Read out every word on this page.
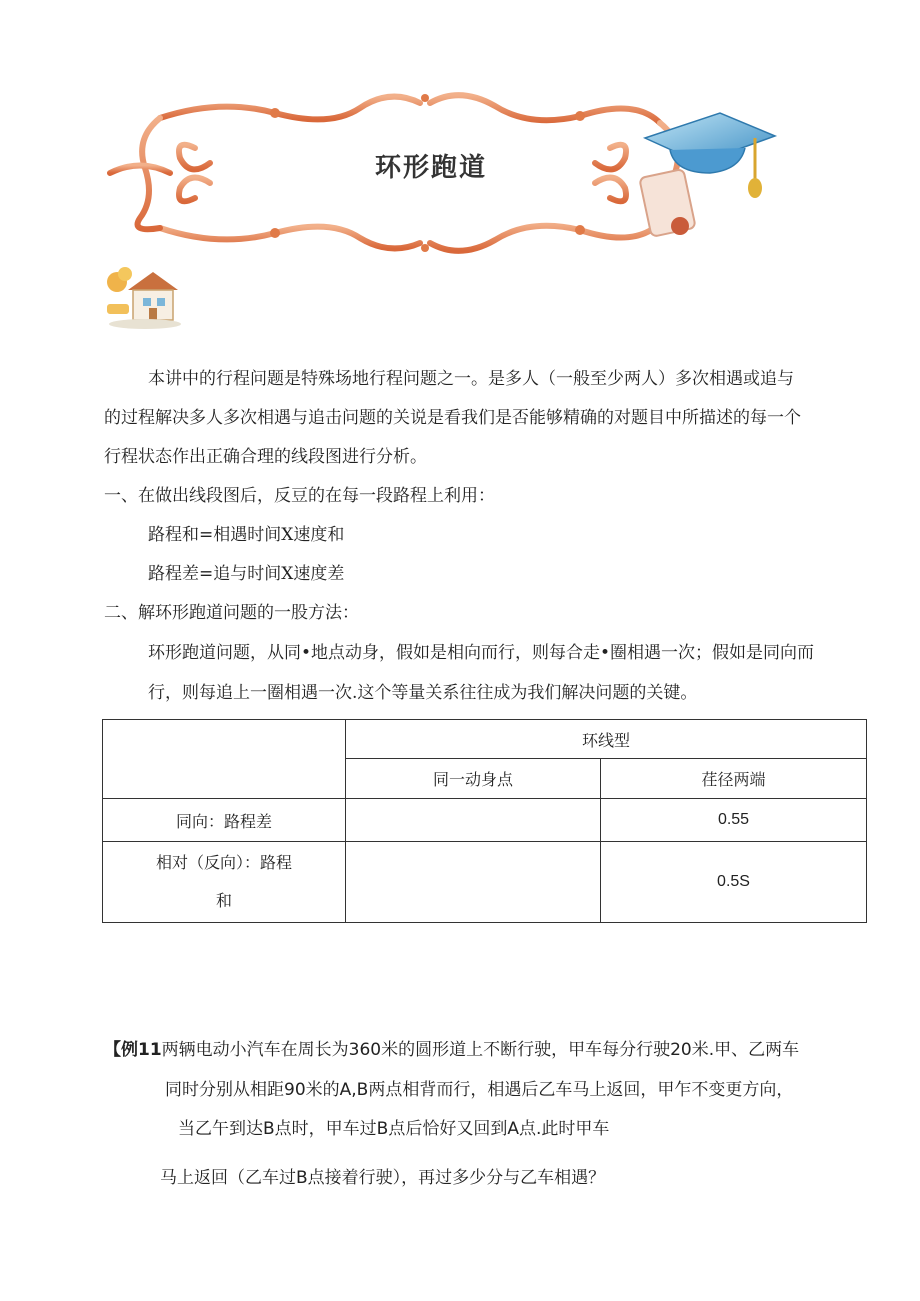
环形跑道
本讲中的行程问题是特殊场地行程问题之一。是多人（一般至少两人）多次相遇或追与
的过程解决多人多次相遇与追击问题的关说是看我们是否能够精确的对题目中所描述的每一个
行程状态作出正确合理的线段图进行分析。
一、在做出线段图后，反豆的在每一段路程上利用：
路程和=相遇时间X速度和
路程差=追与时间X速度差
二、解环形跑道问题的一股方法：
环形跑道问题，从同•地点动身，假如是相向而行，则每合走•圈相遇一次；假如是同向而
行，则每追上一圈相遇一次.这个等量关系往往成为我们解决问题的关键。
	环线型	
	同一动身点	荏径两端
同向：路程差		0.55

相对（反向）：路程
和		0.5S
【例11两辆电动小汽车在周长为360米的圆形道上不断行驶，甲车每分行驶20米.甲、乙两车
同时分别从相距90米的A,B两点相背而行，相遇后乙车马上返回，甲乍不变更方向，
当乙午到达B点时，甲车过B点后恰好又回到A点.此时甲车
马上返回（乙车过B点接着行驶），再过多少分与乙车相遇？
